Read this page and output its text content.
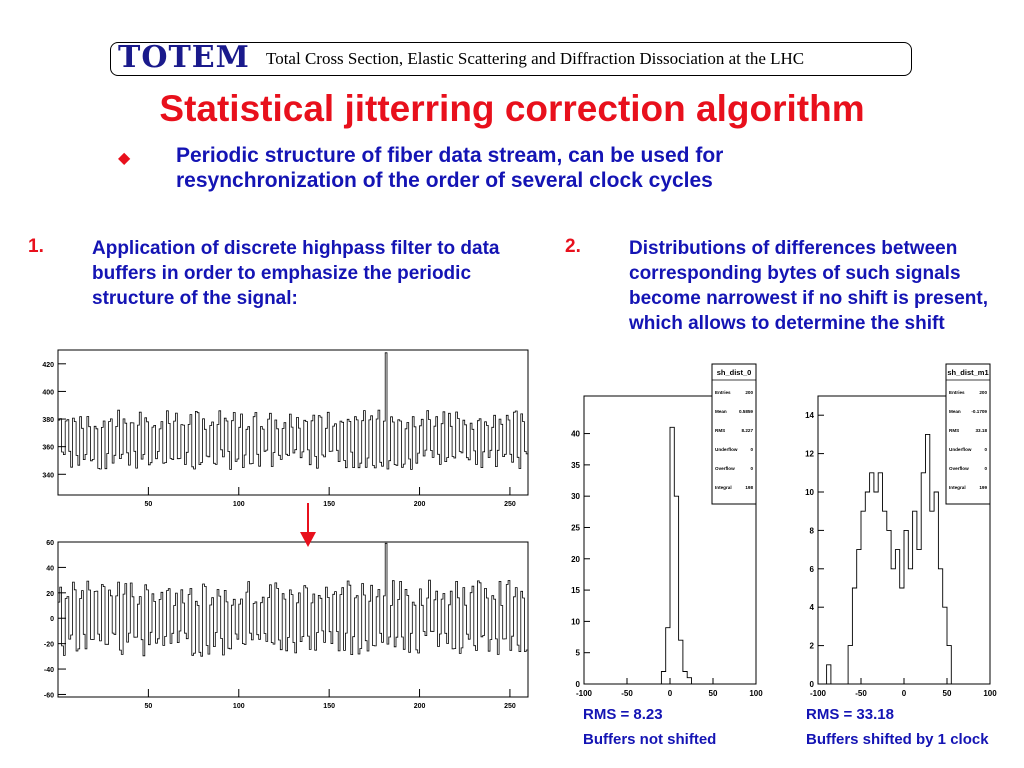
TOTEM Total Cross Section, Elastic Scattering and Diffraction Dissociation at the LHC
Statistical jitterring correction algorithm
◆ Periodic structure of fiber data stream, can be used for resynchronization of the order of several clock cycles
1.	Application of discrete highpass filter to data buffers in order to emphasize the periodic structure of the signal:
2.	Distributions of differences between corresponding bytes of such signals become narrowest if no shift is present, which allows to determine the shift
340
360
380
400
420
50	100	150	200	250
-60
-40
-20
0
20
40
60
50	100	150	200	250
0
5
10
15
20
25
30
35
40
-100	-50	0	50	100
sh_dist_0
Entries	200
Mean	0.5859
RMS	8.227
Underflow	0
Overflow	0
Integral	198
0
2
4
6
8
10
12
14
-100	-50	0	50	100
sh_dist_m1
Entries	200
Mean -0.1709
RMS	33.18
Underflow	0
Overflow	0
Integral	199
RMS = 8.23
Buffers not shifted
RMS = 33.18
Buffers shifted by 1 clock
